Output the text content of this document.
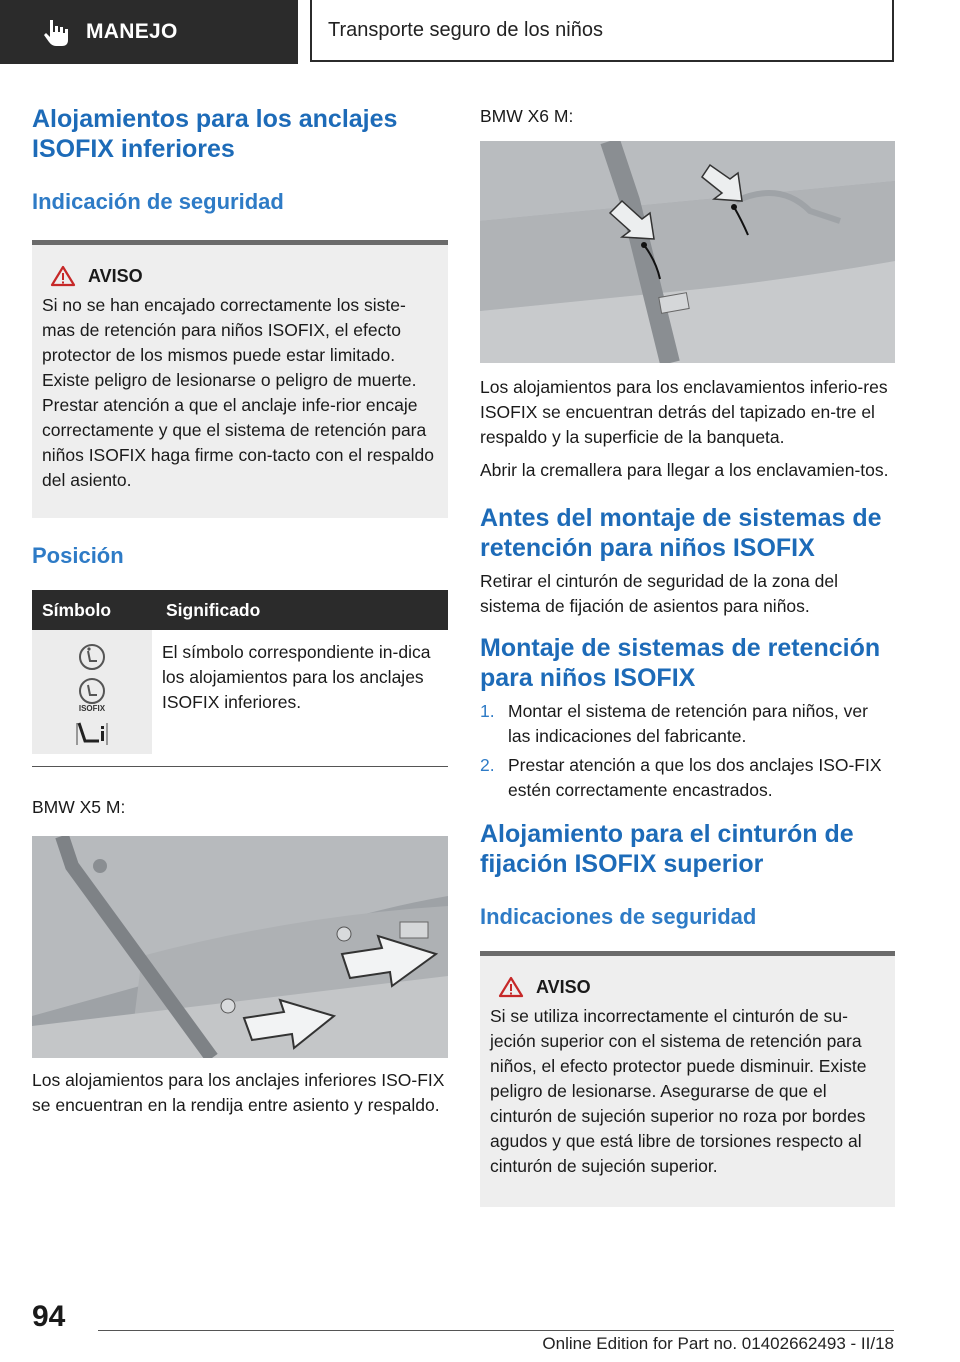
MANEJO	Transporte seguro de los niños
Alojamientos para los anclajes ISOFIX inferiores
Indicación de seguridad
AVISO

Si no se han encajado correctamente los siste-mas de retención para niños ISOFIX, el efecto protector de los mismos puede estar limitado. Existe peligro de lesionarse o peligro de muerte. Prestar atención a que el anclaje infe-rior encaje correctamente y que el sistema de retención para niños ISOFIX haga firme con-tacto con el respaldo del asiento.

Posición
Símbolo	Significado

ISOFIX	El símbolo correspondiente in-dica los alojamientos para los anclajes ISOFIX inferiores.

BMW X5 M:

Los alojamientos para los anclajes inferiores ISO-FIX se encuentran en la rendija entre asiento y respaldo.

BMW X6 M:

Los alojamientos para los enclavamientos inferio-res ISOFIX se encuentran detrás del tapizado en-tre el respaldo y la superficie de la banqueta.

Abrir la cremallera para llegar a los enclavamien-tos.

Antes del montaje de sistemas de retención para niños ISOFIX

Retirar el cinturón de seguridad de la zona del sistema de fijación de asientos para niños.

Montaje de sistemas de retención para niños ISOFIX
1. Montar el sistema de retención para niños, ver las indicaciones del fabricante.
2. Prestar atención a que los dos anclajes ISO-FIX estén correctamente encastrados.
Alojamiento para el cinturón de fijación ISOFIX superior
Indicaciones de seguridad
AVISO

Si se utiliza incorrectamente el cinturón de su-jeción superior con el sistema de retención para niños, el efecto protector puede disminuir. Existe peligro de lesionarse. Asegurarse de que el cinturón de sujeción superior no roza por bordes agudos y que está libre de torsiones respecto al cinturón de sujeción superior.

94
Online Edition for Part no. 01402662493 - II/18
